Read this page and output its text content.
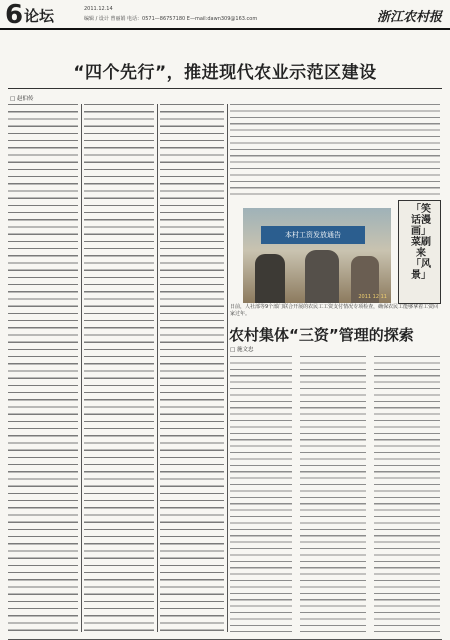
6 论坛	2011.12.14
编辑 / 设计 曾丽娟 电话：0571—86757180 E—mail:dawn309@163.com	浙江农村报
“四个先行”，推进现代农业示范区建设
□ 赵伯传
本村工资发放通告
2011 12 11
「笑话漫画」菜刷来「风景」
日前，人社部等9个部门联合开展的农民工工资支付情况专项检查，确保农民工能够拿着工资回家过年。
农村集体“三资”管理的探索
□ 施文忠
